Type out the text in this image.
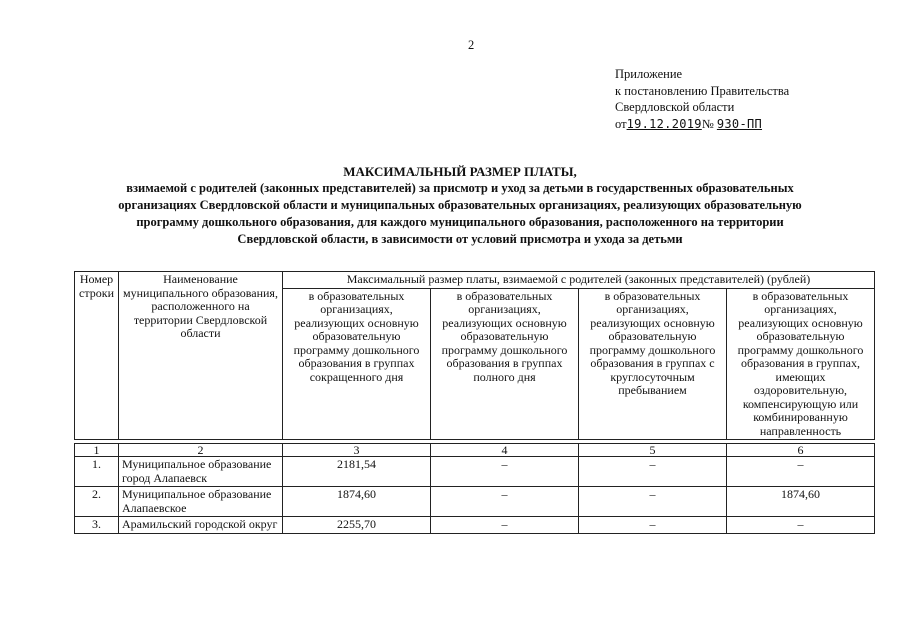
2
Приложение
к постановлению Правительства
Свердловской области
от19.12.2019№ 930-ПП
МАКСИМАЛЬНЫЙ РАЗМЕР ПЛАТЫ,
взимаемой с родителей (законных представителей) за присмотр и уход за детьми в государственных образовательных
организациях Свердловской области и муниципальных образовательных организациях, реализующих образовательную
программу дошкольного образования, для каждого муниципального образования, расположенного на территории
Свердловской области, в зависимости от условий присмотра и ухода за детьми
Номер строки	Наименование муниципального образования, расположенного на территории Свердловской области	Максимальный размер платы, взимаемой с родителей (законных представителей) (рублей)			
		в образовательных организациях, реализующих основную образовательную программу дошкольного образования в группах сокращенного дня	в образовательных организациях, реализующих основную образовательную программу дошкольного образования в группах полного дня	в образовательных организациях, реализующих основную образовательную программу дошкольного образования в группах с круглосуточным пребыванием	в образовательных организациях, реализующих основную образовательную программу дошкольного образования в группах, имеющих оздоровительную, компенсирующую или комбинированную направленность

1	2	3	4	5	6
1.	Муниципальное образование город Алапаевск	2181,54	–	–	–
2.	Муниципальное образование Алапаевское	1874,60	–	–	1874,60
3.	Арамильский городской округ	2255,70	–	–	–
